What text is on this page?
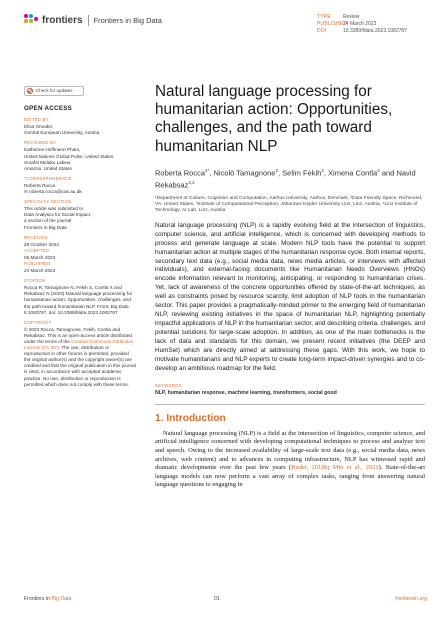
frontiers Frontiers in Big Data	TYPE Review
PUBLISHED24 March 2023
DOI	10.3389/fdata.2023.1082787
Check for updates
OPEN ACCESS
EDITED BY
Elisa Omodei,
Central European University, Austria
REVIEWED BY
Katherine Hoffmann Pham,
United Nations Global Pulse, United States
Surafel Melaku Lakew,
Amazon, United States
*CORRESPONDENCE
Roberta Rocca
✉ roberta.rocca@cas.au.dk
SPECIALTY SECTION
This article was submitted to
Data Analytics for Social Impact,
a section of the journal
Frontiers in Big Data
RECEIVED
28 October 2022
ACCEPTED
06 March 2023
PUBLISHED
24 March 2023
CITATION
Rocca R, Tamagnone N, Fekih S, Contla X and Rekabsaz N (2023) Natural language processing for humanitarian action: Opportunities, challenges, and the path toward humanitarian NLP. Front. Big Data 6:1082787. doi: 10.3389/fdata.2023.1082787
COPYRIGHT
© 2023 Rocca, Tamagnone, Fekih, Contla and Rekabsaz. This is an open-access article distributed under the terms of the Creative Commons Attribution License (CC BY). The use, distribution or reproduction in other forums is permitted, provided the original author(s) and the copyright owner(s) are credited and that the original publication in this journal is cited, in accordance with accepted academic practice. No use, distribution or reproduction is permitted which does not comply with these terms.
Natural language processing for humanitarian action: Opportunities, challenges, and the path toward humanitarian NLP
Roberta Rocca$^{1*}$, Nicolò Tamagnone$^2$, Selim Fekih$^2$, Ximena Contla$^2$ and Navid Rekabsaz$^{3,4}$
¹Department of Culture, Cognition and Computation, Aarhus University, Aarhus, Denmark, ²Data Friendly Space, Richmond, VA, United States, ³Institute of Computational Perception, Johannes Kepler University Linz, Linz, Austria, ⁴Linz Institute of Technology, AI Lab, Linz, Austria

Natural language processing (NLP) is a rapidly evolving field at the intersection of linguistics, computer science, and artificial intelligence, which is concerned with developing methods to process and generate language at scale. Modern NLP tools have the potential to support humanitarian action at multiple stages of the humanitarian response cycle. Both internal reports, secondary text data (e.g., social media data, news media articles, or interviews with affected individuals), and external-facing documents like Humanitarian Needs Overviews (HNOs) encode information relevant to monitoring, anticipating, or responding to humanitarian crises. Yet, lack of awareness of the concrete opportunities offered by state-of-the-art techniques, as well as constraints posed by resource scarcity, limit adoption of NLP tools in the humanitarian sector. This paper provides a pragmatically-minded primer to the emerging field of humanitarian NLP, reviewing existing initiatives in the space of humanitarian NLP, highlighting potentially impactful applications of NLP in the humanitarian sector, and describing criteria, challenges, and potential solutions for large-scale adoption. In addition, as one of the main bottlenecks is the lack of data and standards for this domain, we present recent initiatives (the DEEP and HumSet) which are directly aimed at addressing these gaps. With this work, we hope to motivate humanitarians and NLP experts to create long-term impact-driven synergies and to co-develop an ambitious roadmap for the field.

KEYWORDS
NLP, humanitarian response, machine learning, transformers, social good
1. Introduction

Natural language processing (NLP) is a field at the intersection of linguistics, computer science, and artificial intelligence concerned with developing computational techniques to process and analyze text and speech. Owing to the increased availability of large-scale text data (e.g., social media data, news archives, web content) and to advances in computing infrastructure, NLP has witnessed rapid and dramatic developments over the past few years (Ruder, 2018b; Min et al., 2021). State-of-the-art language models can now perform a vast array of complex tasks, ranging from answering natural language questions to engaging in

Frontiers in Big Data	01	frontiersin.org
